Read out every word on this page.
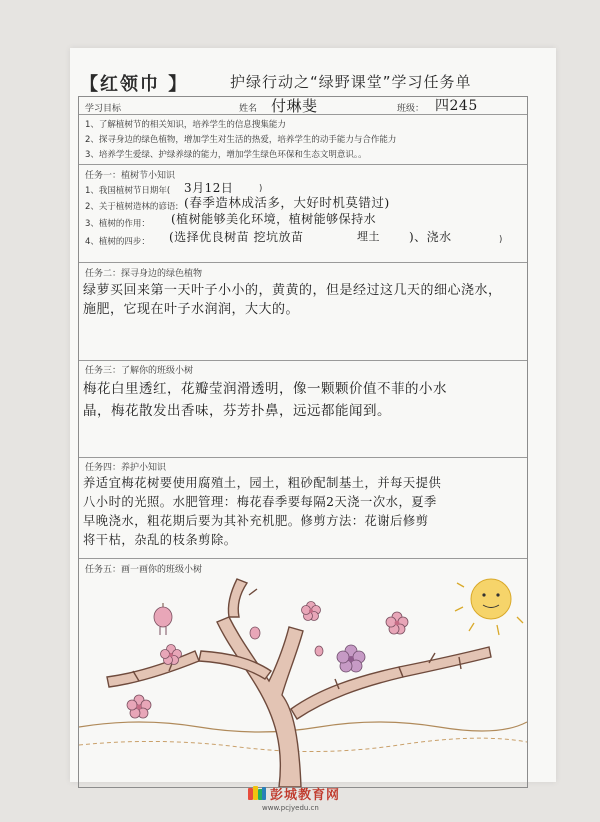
【红领巾 】	护绿行动之“绿野课堂”学习任务单
学习目标	姓名 付琳斐	班级： 四245
1、了解植树节的相关知识，培养学生的信息搜集能力
2、探寻身边的绿色植物，增加学生对生活的热爱，培养学生的动手能力与合作能力
3、培养学生爱绿、护绿养绿的能力，增加学生绿色环保和生态文明意识。。
任务一：植树节小知识
1、我国植树节日期年( 3月12日	)
2、关于植树造林的谚语: (春季造林成活多，大好时机莫错过)
3、植树的作用： (植树能够美化环境，植树能够保持水
4、植树的四步： (选择优良树苗 挖坑放苗	埋土 )、浇水	)
任务二：探寻身边的绿色植物
绿萝买回来第一天叶子小小的，黄黄的，但是经过这几天的细心浇水，
施肥，它现在叶子水润润，大大的。
任务三：了解你的班级小树
梅花白里透红，花瓣莹润滑透明，像一颗颗价值不菲的小水
晶，梅花散发出香味，芬芳扑鼻，远远都能闻到。
任务四：养护小知识
养适宜梅花树要使用腐殖土，园土，粗砂配制基土，并每天提供
八小时的光照。水肥管理：梅花春季要每隔2天浇一次水，夏季
早晚浇水，粗花期后要为其补充机肥。修剪方法：花谢后修剪
将干枯，杂乱的枝条剪除。
任务五：画一画你的班级小树
彭城教育网
www.pcjyedu.cn
